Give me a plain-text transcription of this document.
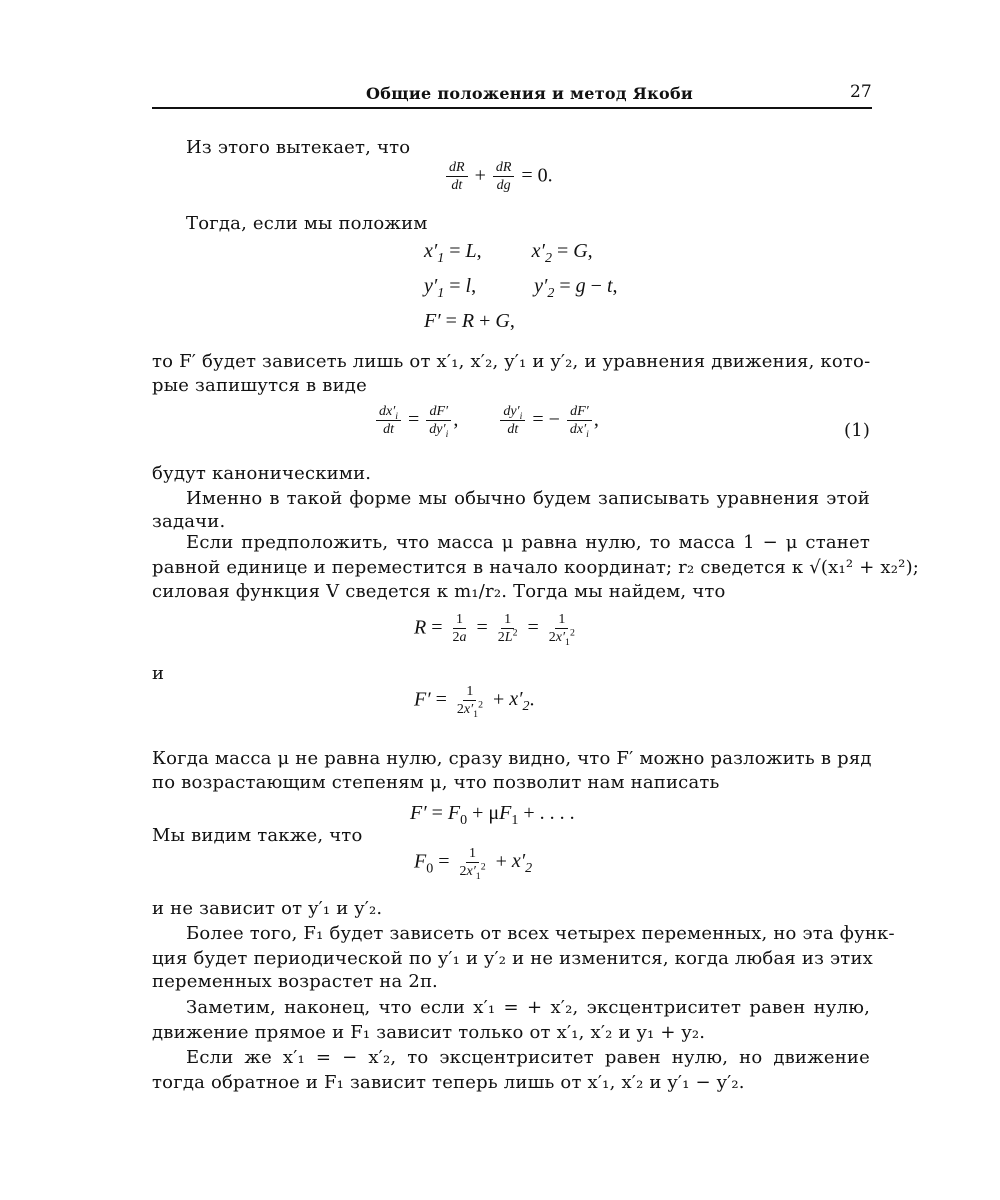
Общие положения и метод Якоби	27
Из этого вытекает, что
$\frac{dR}{dt} + \frac{dR}{dg} = 0$.
Тогда, если мы положим
$x'_1 = L$,	$x'_2 = G$,
$y'_1 = l$,	$y'_2 = g - t$,
F′ = R + G,
то F′ будет зависеть лишь от x′₁, x′₂, y′₁ и y′₂, и уравнения движения, кото-
рые запишутся в виде
$\frac{dx'_i}{dt} = \frac{dF'}{dy'_i}$ ,	$\frac{dy'_i}{dt}$ = − $\frac{dF'}{dx'_i}$ ,
(1)
будут каноническими.
Именно в такой форме мы обычно будем записывать уравнения этой
задачи.
Если предположить, что масса μ равна нулю, то масса 1 − μ станет
равной единице и переместится в начало координат; r₂ сведется к √(x₁² + x₂²);
силовая функция V сведется к m₁/r₂. Тогда мы найдем, что
$R = \frac{1}{2a} = \frac{1}{2L^2} = \frac{1}{2x'_1^2}$
и
$F' = \frac{1}{2x'_1^2} + x'_2$.
Когда масса μ не равна нулю, сразу видно, что F′ можно разложить в ряд
по возрастающим степеням μ, что позволит нам написать
$F' = F_0 + \mu F_1$ + . . . .
Мы видим также, что
$F_0 = \frac{1}{2x'_1^2} + x'_2$
и не зависит от y′₁ и y′₂.
Более того, F₁ будет зависеть от всех четырех переменных, но эта функ-
ция будет периодической по y′₁ и y′₂ и не изменится, когда любая из этих
переменных возрастет на 2π.
Заметим, наконец, что если x′₁ = + x′₂, эксцентриситет равен нулю,
движение прямое и F₁ зависит только от x′₁, x′₂ и y₁ + y₂.
Если же x′₁ = − x′₂, то эксцентриситет равен нулю, но движение
тогда обратное и F₁ зависит теперь лишь от x′₁, x′₂ и y′₁ − y′₂.
dR/dt + dR/dg = 0. x′₁ = L, x′₂ = G, y′₁ = l, y′₂ = g − t, F′ = R + G, R = 1/(2a) = 1/(2L²) = 1/(2x′₁²) F′ = 1/(2x′₁²) + x′₂. F′ = F₀ + μF₁ + . . . . F₀ = 1/(2x′₁²) + x′₂
